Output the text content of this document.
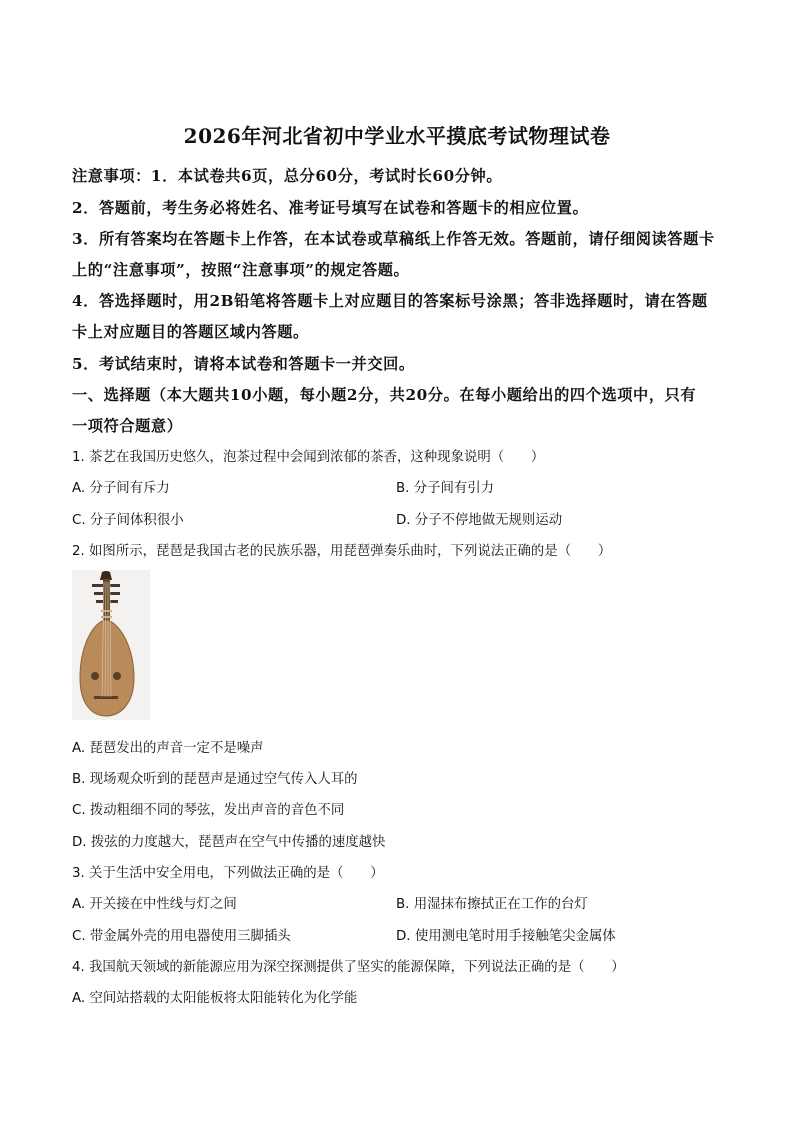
2026年河北省初中学业水平摸底考试物理试卷
注意事项：1．本试卷共6页，总分60分，考试时长60分钟。
2．答题前，考生务必将姓名、准考证号填写在试卷和答题卡的相应位置。
3．所有答案均在答题卡上作答，在本试卷或草稿纸上作答无效。答题前，请仔细阅读答题卡
上的“注意事项”，按照“注意事项”的规定答题。
4．答选择题时，用2B铅笔将答题卡上对应题目的答案标号涂黑；答非选择题时，请在答题
卡上对应题目的答题区域内答题。
5．考试结束时，请将本试卷和答题卡一并交回。
一、选择题（本大题共10小题，每小题2分，共20分。在每小题给出的四个选项中，只有
一项符合题意）
1. 茶艺在我国历史悠久，泡茶过程中会闻到浓郁的茶香，这种现象说明（　　）
A. 分子间有斥力	B. 分子间有引力
C. 分子间体积很小	D. 分子不停地做无规则运动
2. 如图所示，琵琶是我国古老的民族乐器，用琵琶弹奏乐曲时，下列说法正确的是（　　）
A. 琵琶发出的声音一定不是噪声
B. 现场观众听到的琵琶声是通过空气传入人耳的
C. 拨动粗细不同的琴弦，发出声音的音色不同
D. 拨弦的力度越大，琵琶声在空气中传播的速度越快
3. 关于生活中安全用电，下列做法正确的是（　　）
A. 开关接在中性线与灯之间	B. 用湿抹布擦拭正在工作的台灯
C. 带金属外壳的用电器使用三脚插头	D. 使用测电笔时用手接触笔尖金属体
4. 我国航天领域的新能源应用为深空探测提供了坚实的能源保障，下列说法正确的是（　　）
A. 空间站搭载的太阳能板将太阳能转化为化学能
